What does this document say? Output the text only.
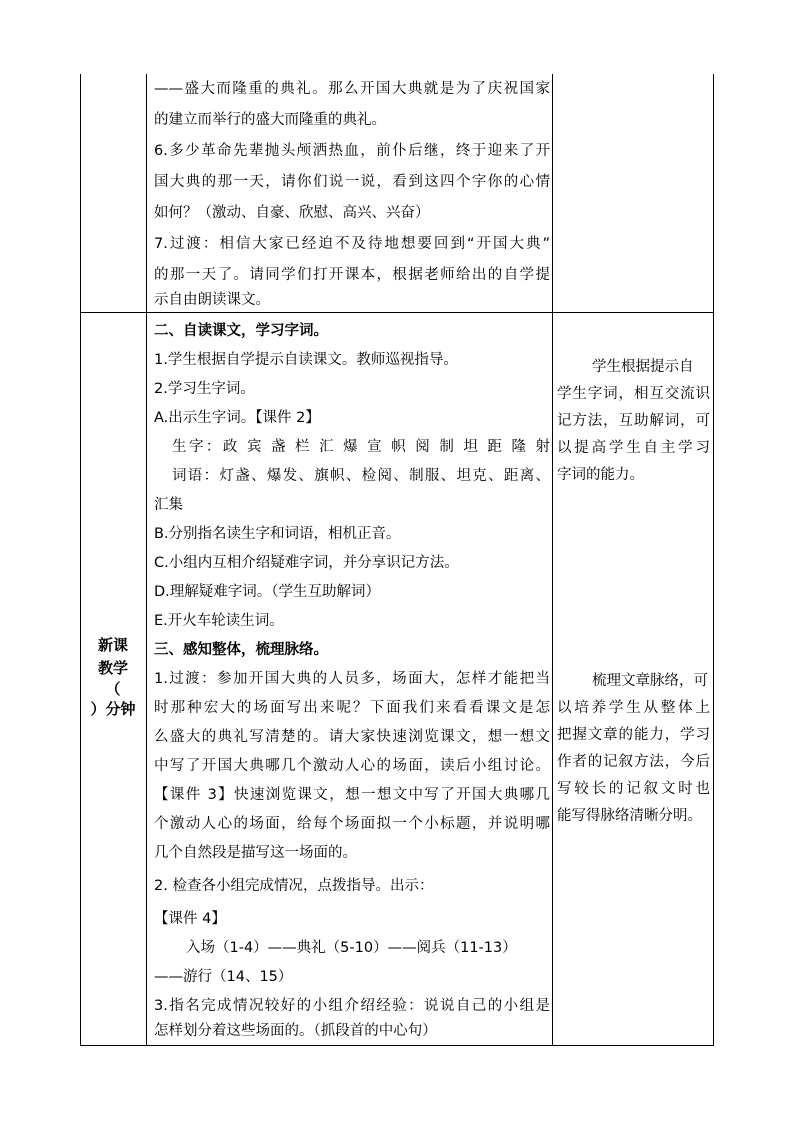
——盛大而隆重的典礼。那么开国大典就是为了庆祝国家
的建立而举行的盛大而隆重的典礼。
6.多少革命先辈抛头颅洒热血，前仆后继，终于迎来了开
国大典的那一天，请你们说一说，看到这四个字你的心情
如何？（激动、自豪、欣慰、高兴、兴奋）
7.过渡：相信大家已经迫不及待地想要回到“开国大典”
的那一天了。请同学们打开课本，根据老师给出的自学提
示自由朗读课文。
新课
教学
（
）分钟
二、自读课文，学习字词。
1.学生根据自学提示自读课文。教师巡视指导。
2.学习生字词。
A.出示生字词。【课件 2】
生字：政 宾 盏 栏 汇 爆 宣 帜 阅 制 坦 距 隆 射
词语：灯盏、爆发、旗帜、检阅、制服、坦克、距离、
汇集
B.分别指名读生字和词语，相机正音。
C.小组内互相介绍疑难字词，并分享识记方法。
D.理解疑难字词。（学生互助解词）
E.开火车轮读生词。
三、感知整体，梳理脉络。
1.过渡：参加开国大典的人员多，场面大，怎样才能把当
时那种宏大的场面写出来呢？下面我们来看看课文是怎
么盛大的典礼写清楚的。请大家快速浏览课文，想一想文
中写了开国大典哪几个激动人心的场面，读后小组讨论。
【课件 3】快速浏览课文，想一想文中写了开国大典哪几
个激动人心的场面，给每个场面拟一个小标题，并说明哪
几个自然段是描写这一场面的。
2. 检查各小组完成情况，点拨指导。出示：
【课件 4】
入场（1-4）——典礼（5-10）——阅兵（11-13）
——游行（14、15）
3.指名完成情况较好的小组介绍经验：说说自己的小组是
怎样划分着这些场面的。（抓段首的中心句）
学生根据提示自
学生字词，相互交流识
记方法，互助解词，可
以提高学生自主学习
字词的能力。
梳理文章脉络，可
以培养学生从整体上
把握文章的能力，学习
作者的记叙方法，今后
写较长的记叙文时也
能写得脉络清晰分明。
